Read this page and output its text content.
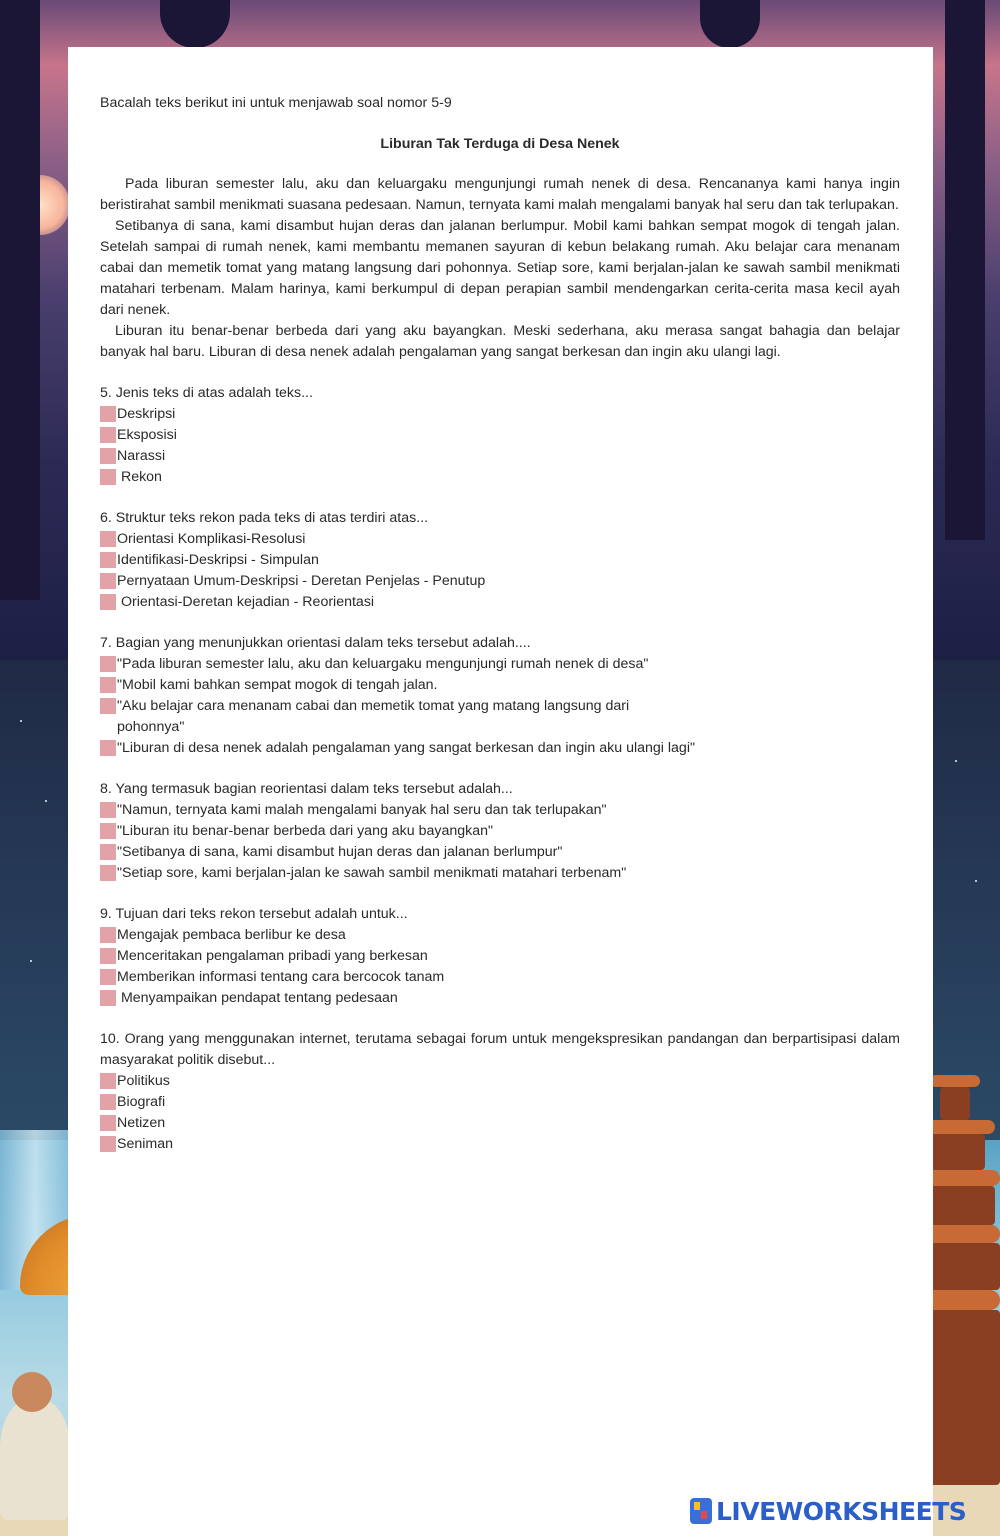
Bacalah teks berikut ini untuk menjawab soal nomor 5-9

Liburan Tak Terduga di Desa Nenek

Pada liburan semester lalu, aku dan keluargaku mengunjungi rumah nenek di desa. Rencananya kami hanya ingin beristirahat sambil menikmati suasana pedesaan. Namun, ternyata kami malah mengalami banyak hal seru dan tak terlupakan.

Setibanya di sana, kami disambut hujan deras dan jalanan berlumpur. Mobil kami bahkan sempat mogok di tengah jalan. Setelah sampai di rumah nenek, kami membantu memanen sayuran di kebun belakang rumah. Aku belajar cara menanam cabai dan memetik tomat yang matang langsung dari pohonnya. Setiap sore, kami berjalan-jalan ke sawah sambil menikmati matahari terbenam. Malam harinya, kami berkumpul di depan perapian sambil mendengarkan cerita-cerita masa kecil ayah dari nenek.

Liburan itu benar-benar berbeda dari yang aku bayangkan. Meski sederhana, aku merasa sangat bahagia dan belajar banyak hal baru. Liburan di desa nenek adalah pengalaman yang sangat berkesan dan ingin aku ulangi lagi.

5. Jenis teks di atas adalah teks...

Deskripsi
Eksposisi
Narassi
Rekon

6. Struktur teks rekon pada teks di atas terdiri atas...

Orientasi Komplikasi-Resolusi
Identifikasi-Deskripsi - Simpulan
Pernyataan Umum-Deskripsi - Deretan Penjelas - Penutup
Orientasi-Deretan kejadian - Reorientasi

7. Bagian yang menunjukkan orientasi dalam teks tersebut adalah....

"Pada liburan semester lalu, aku dan keluargaku mengunjungi rumah nenek di desa"
"Mobil kami bahkan sempat mogok di tengah jalan.
"Aku belajar cara menanam cabai dan memetik tomat yang matang langsung dari pohonnya"
"Liburan di desa nenek adalah pengalaman yang sangat berkesan dan ingin aku ulangi lagi"

8. Yang termasuk bagian reorientasi dalam teks tersebut adalah...

"Namun, ternyata kami malah mengalami banyak hal seru dan tak terlupakan"
"Liburan itu benar-benar berbeda dari yang aku bayangkan"
"Setibanya di sana, kami disambut hujan deras dan jalanan berlumpur"
"Setiap sore, kami berjalan-jalan ke sawah sambil menikmati matahari terbenam"

9. Tujuan dari teks rekon tersebut adalah untuk...

Mengajak pembaca berlibur ke desa
Menceritakan pengalaman pribadi yang berkesan
Memberikan informasi tentang cara bercocok tanam
Menyampaikan pendapat tentang pedesaan

10. Orang yang menggunakan internet, terutama sebagai forum untuk mengekspresikan pandangan dan berpartisipasi dalam masyarakat politik disebut...

Politikus
Biografi
Netizen
Seniman
LIVEWORKSHEETS
